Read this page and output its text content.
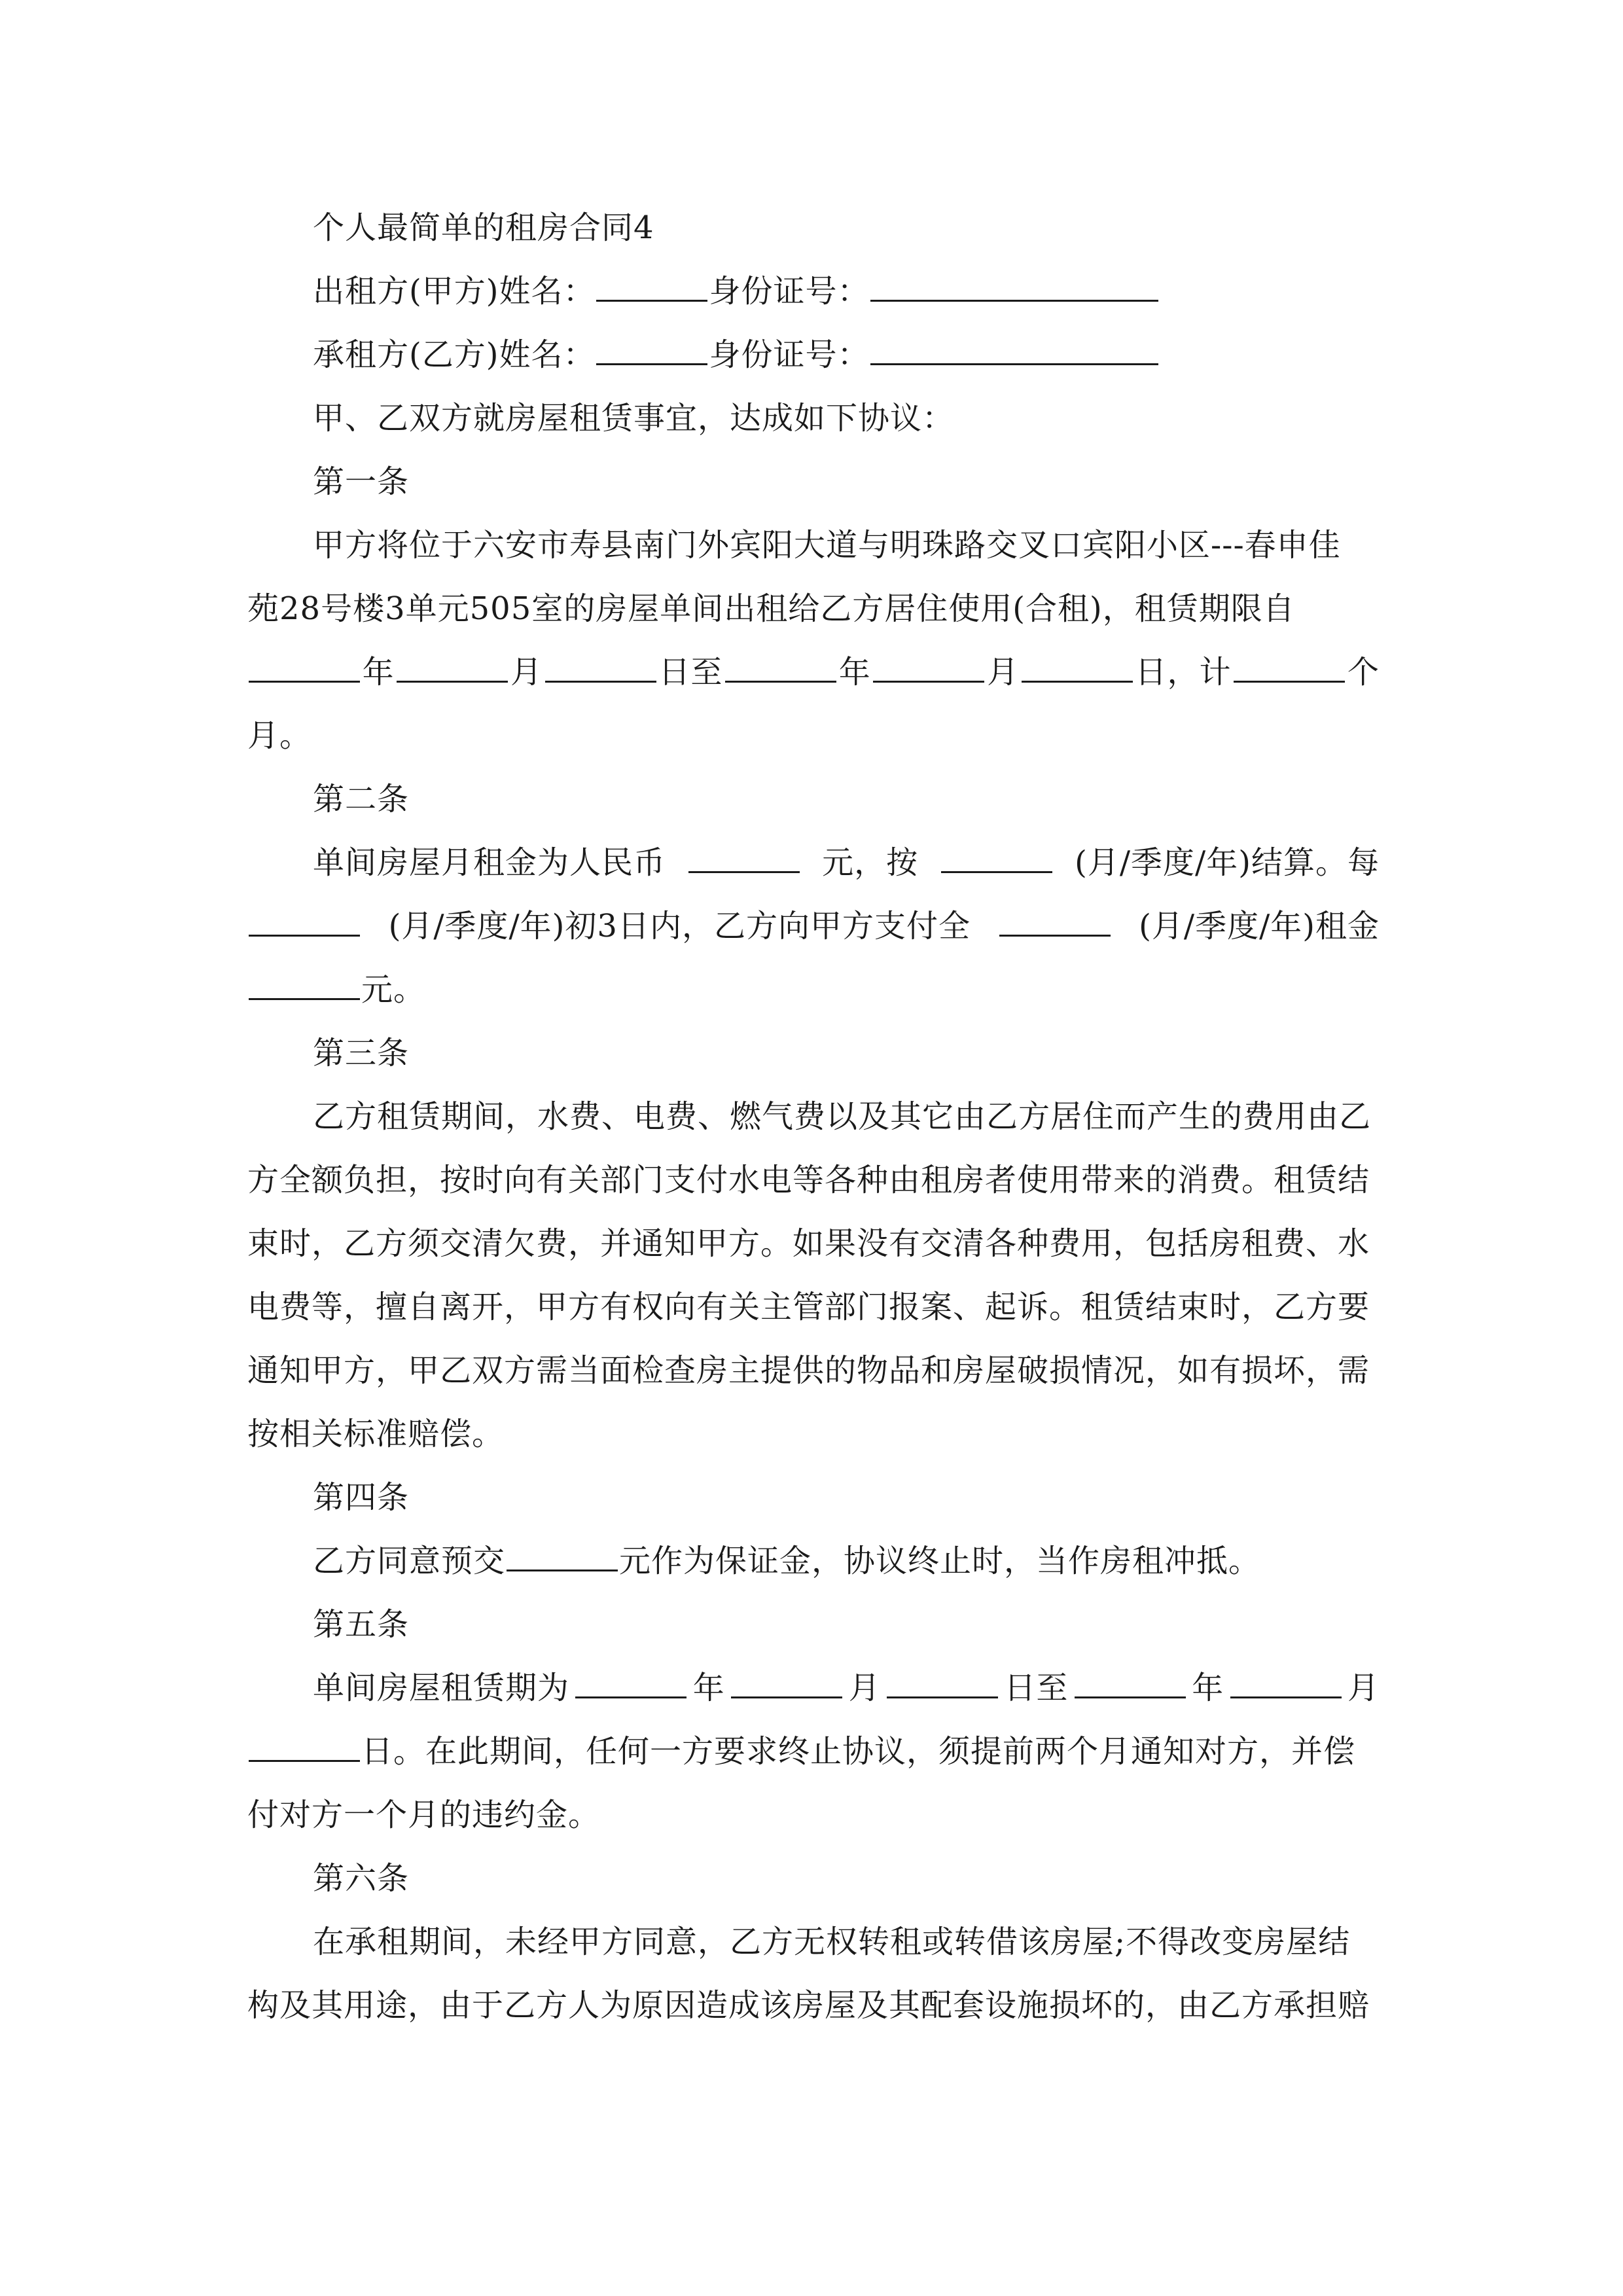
个人最简单的租房合同4
出租方(甲方)姓名：	身份证号：
承租方(乙方)姓名：	身份证号：
甲、乙双方就房屋租赁事宜，达成如下协议：
第一条
甲方将位于六安市寿县南门外宾阳大道与明珠路交叉口宾阳小区---春申佳
苑28号楼3单元505室的房屋单间出租给乙方居住使用(合租)，租赁期限自
年	月	日至	年	月	日，计	个
月。
第二条
单间房屋月租金为人民币	元，按	(月/季度/年)结算。每
(月/季度/年)初3日内，乙方向甲方支付全	(月/季度/年)租金
元。
第三条
乙方租赁期间，水费、电费、燃气费以及其它由乙方居住而产生的费用由乙
方全额负担，按时向有关部门支付水电等各种由租房者使用带来的消费。租赁结
束时，乙方须交清欠费，并通知甲方。如果没有交清各种费用，包括房租费、水
电费等，擅自离开，甲方有权向有关主管部门报案、起诉。租赁结束时，乙方要
通知甲方，甲乙双方需当面检查房主提供的物品和房屋破损情况，如有损坏，需
按相关标准赔偿。
第四条
乙方同意预交	元作为保证金，协议终止时，当作房租冲抵。
第五条
单间房屋租赁期为	年	月	日至	年	月
日。在此期间，任何一方要求终止协议，须提前两个月通知对方，并偿
付对方一个月的违约金。
第六条
在承租期间，未经甲方同意，乙方无权转租或转借该房屋;不得改变房屋结
构及其用途，由于乙方人为原因造成该房屋及其配套设施损坏的，由乙方承担赔
